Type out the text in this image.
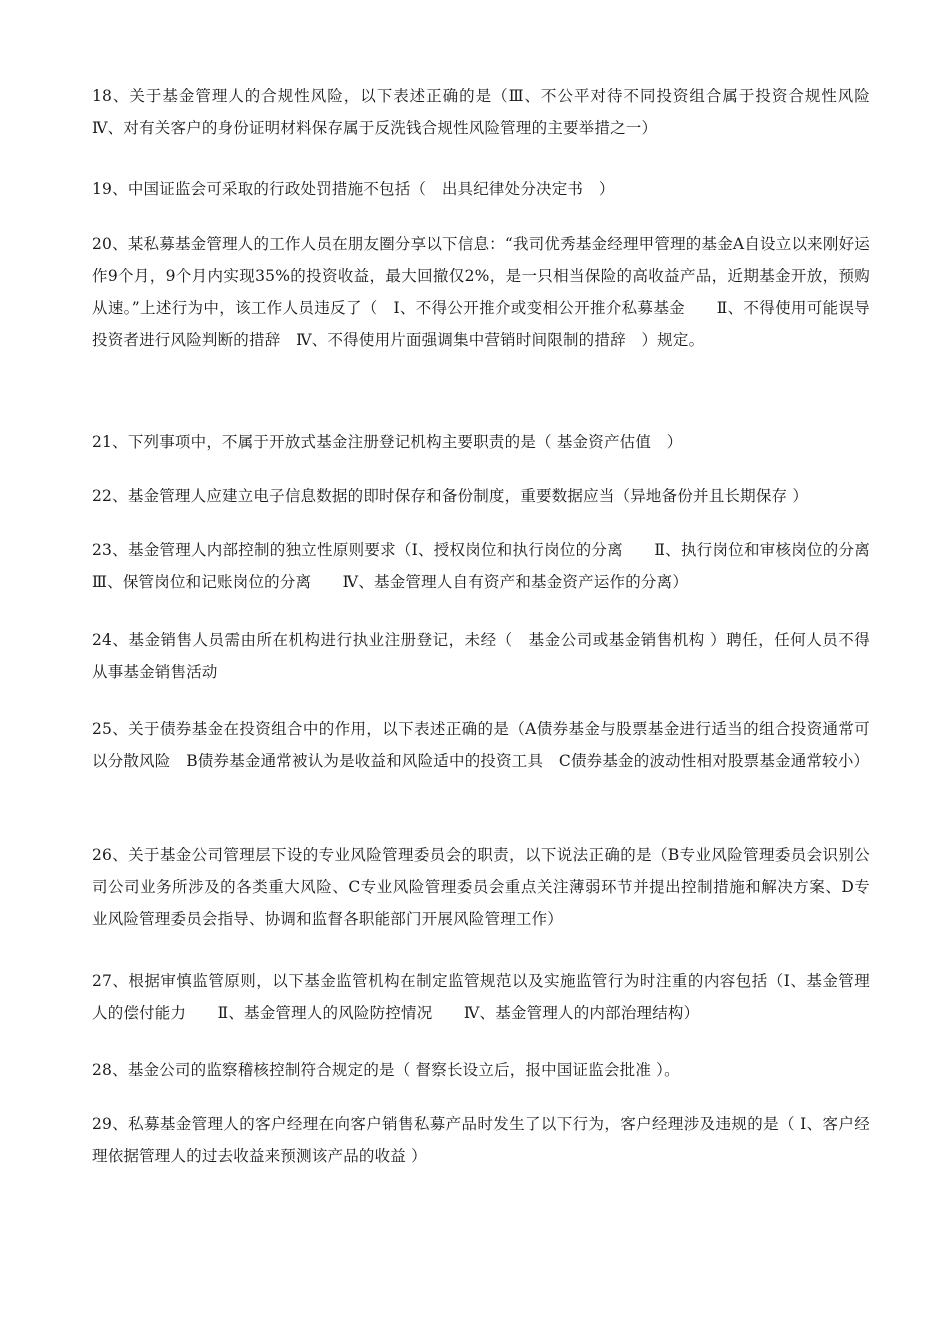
18、关于基金管理人的合规性风险，以下表述正确的是（Ⅲ、不公平对待不同投资组合属于投资合规性风险　　Ⅳ、对有关客户的身份证明材料保存属于反洗钱合规性风险管理的主要举措之一）

19、中国证监会可采取的行政处罚措施不包括（　出具纪律处分决定书　）

20、某私募基金管理人的工作人员在朋友圈分享以下信息：“我司优秀基金经理甲管理的基金A自设立以来刚好运作9个月，9个月内实现35%的投资收益，最大回撤仅2%，是一只相当保险的高收益产品，近期基金开放，预购从速。”上述行为中，该工作人员违反了（　Ⅰ、不得公开推介或变相公开推介私募基金　　Ⅱ、不得使用可能误导投资者进行风险判断的措辞　Ⅳ、不得使用片面强调集中营销时间限制的措辞　）规定。

21、下列事项中，不属于开放式基金注册登记机构主要职责的是（ 基金资产估值　）

22、基金管理人应建立电子信息数据的即时保存和备份制度，重要数据应当（异地备份并且长期保存 ）

23、基金管理人内部控制的独立性原则要求（Ⅰ、授权岗位和执行岗位的分离　　Ⅱ、执行岗位和审核岗位的分离　　Ⅲ、保管岗位和记账岗位的分离　　Ⅳ、基金管理人自有资产和基金资产运作的分离）

24、基金销售人员需由所在机构进行执业注册登记，未经（　基金公司或基金销售机构 ）聘任，任何人员不得从事基金销售活动

25、关于债券基金在投资组合中的作用，以下表述正确的是（A债券基金与股票基金进行适当的组合投资通常可以分散风险　B债券基金通常被认为是收益和风险适中的投资工具　C债券基金的波动性相对股票基金通常较小）

26、关于基金公司管理层下设的专业风险管理委员会的职责，以下说法正确的是（B专业风险管理委员会识别公司公司业务所涉及的各类重大风险、C专业风险管理委员会重点关注薄弱环节并提出控制措施和解决方案、D专业风险管理委员会指导、协调和监督各职能部门开展风险管理工作）

27、根据审慎监管原则，以下基金监管机构在制定监管规范以及实施监管行为时注重的内容包括（Ⅰ、基金管理人的偿付能力　　Ⅱ、基金管理人的风险防控情况　　Ⅳ、基金管理人的内部治理结构）

28、基金公司的监察稽核控制符合规定的是（ 督察长设立后，报中国证监会批准 ）。

29、私募基金管理人的客户经理在向客户销售私募产品时发生了以下行为，客户经理涉及违规的是（ Ⅰ、客户经理依据管理人的过去收益来预测该产品的收益 ）
